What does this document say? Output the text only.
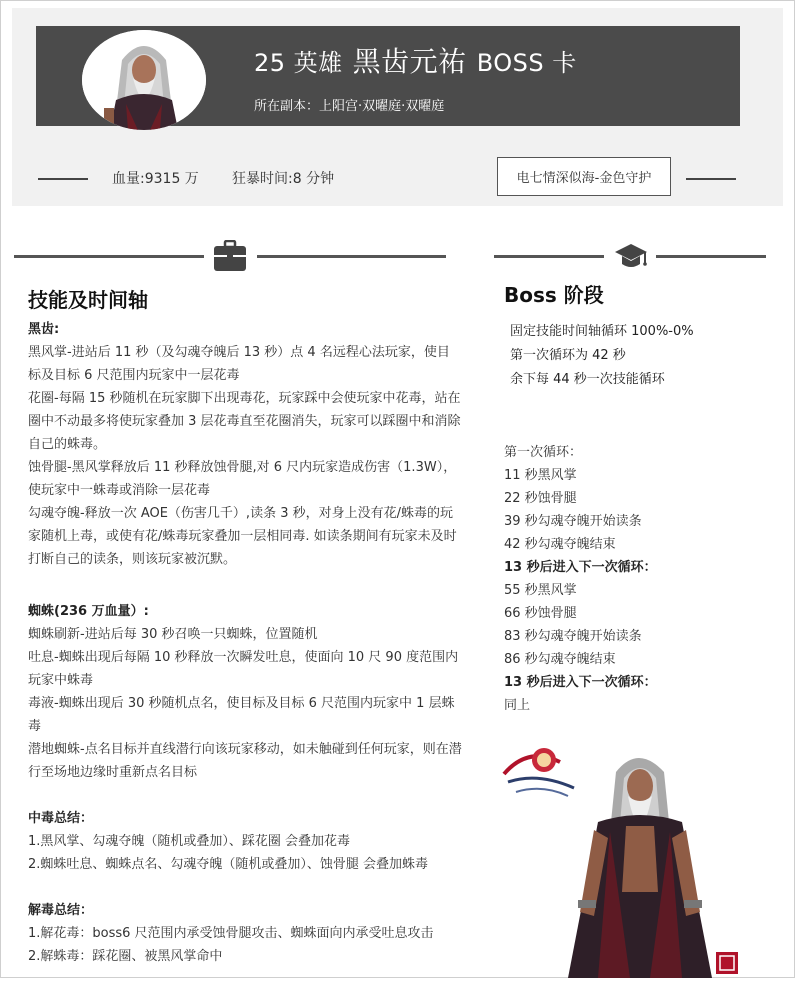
25 英雄 黑齿元祐 BOSS 卡
所在副本：上阳宫·双曜庭·双曜庭
血量:9315 万 狂暴时间:8 分钟	电七情深似海-金色守护
技能及时间轴

黑齿:

黑风掌-进站后 11 秒（及勾魂夺魄后 13 秒）点 4 名远程心法玩家，使目标及目标 6 尺范围内玩家中一层花毒

花圈-每隔 15 秒随机在玩家脚下出现毒花，玩家踩中会使玩家中花毒，站在圈中不动最多将使玩家叠加 3 层花毒直至花圈消失，玩家可以踩圈中和消除自己的蛛毒。

蚀骨腿-黑风掌释放后 11 秒释放蚀骨腿,对 6 尺内玩家造成伤害（1.3W），使玩家中一蛛毒或消除一层花毒

勾魂夺魄-释放一次 AOE（伤害几千）,读条 3 秒，对身上没有花/蛛毒的玩家随机上毒，或使有花/蛛毒玩家叠加一层相同毒. 如读条期间有玩家未及时打断自己的读条，则该玩家被沉默。

蜘蛛(236 万血量）:

蜘蛛刷新-进站后每 30 秒召唤一只蜘蛛，位置随机

吐息-蜘蛛出现后每隔 10 秒释放一次瞬发吐息，使面向 10 尺 90 度范围内玩家中蛛毒

毒液-蜘蛛出现后 30 秒随机点名，使目标及目标 6 尺范围内玩家中 1 层蛛毒

潜地蜘蛛-点名目标并直线潜行向该玩家移动，如未触碰到任何玩家，则在潜行至场地边缘时重新点名目标

中毒总结：

1.黑风掌、勾魂夺魄（随机或叠加）、踩花圈 会叠加花毒

2.蜘蛛吐息、蜘蛛点名、勾魂夺魄（随机或叠加）、蚀骨腿 会叠加蛛毒

解毒总结：

1.解花毒：boss6 尺范围内承受蚀骨腿攻击、蜘蛛面向内承受吐息攻击

2.解蛛毒：踩花圈、被黑风掌命中

Boss 阶段

固定技能时间轴循环 100%-0%

第一次循环为 42 秒

余下每 44 秒一次技能循环

第一次循环：

11 秒黑风掌

22 秒蚀骨腿

39 秒勾魂夺魄开始读条

42 秒勾魂夺魄结束

13 秒后进入下一次循环：

55 秒黑风掌

66 秒蚀骨腿

83 秒勾魂夺魄开始读条

86 秒勾魂夺魄结束

13 秒后进入下一次循环：

同上
